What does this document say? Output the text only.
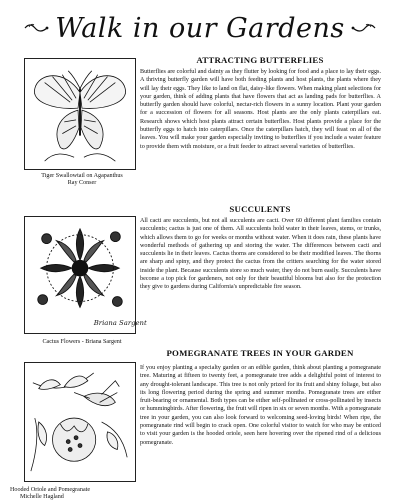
Walk in our Gardens
Tiger Swallowtail on Agapanthus
Ray Conser
ATTRACTING BUTTERFLIES

Butterflies are colorful and dainty as they flutter by looking for food and a place to lay their eggs. A thriving butterfly garden will have both feeding plants and host plants, the plants where they will lay their eggs. They like to land on flat, daisy-like flowers. When making plant selections for your garden, think of adding plants that have flowers that act as landing pads for butterflies. A butterfly garden should have colorful, nectar-rich flowers in a sunny location. Plant your garden for a succession of flowers for all seasons. Host plants are the only plants caterpillars eat. Research shows which host plants attract certain butterflies. Host plants provide a place for the butterfly eggs to hatch into caterpillars. Once the caterpillars hatch, they will feast on all of the leaves. You will make your garden especially inviting to butterflies if you include a water feature to provide them with moisture, or a fruit feeder to attract several varieties of butterflies.

SUCCULENTS
Briana Sargent
Cactus Flowers - Briana Sargent

All cacti are succulents, but not all succulents are cacti. Over 60 different plant families contain succulents; cactus is just one of them. All succulents hold water in their leaves, stems, or trunks, which allows them to go for weeks or months without water. When it does rain, these plants have wonderful methods of gathering up and storing the water. The differences between cacti and succulents lie in their leaves. Cactus thorns are considered to be their modified leaves. The thorns are sharp and spiny, and they protect the cactus from the critters searching for the water stored inside the plant. Because succulents store so much water, they do not burn easily. Succulents have become a top pick for gardeners, not only for their beautiful blooms but also for the protection they give to gardens during California's unpredictable fire season.

POMEGRANATE TREES IN YOUR GARDEN
Hooded Oriole and Pomegranate
Michelle Hagland

If you enjoy planting a specialty garden or an edible garden, think about planting a pomegranate tree. Maturing at fifteen to twenty feet, a pomegranate tree adds a delightful point of interest to any drought-tolerant landscape. This tree is not only prized for its fruit and shiny foliage, but also its long flowering period during the spring and summer months. Pomegranate trees are either fruit-bearing or ornamental. Both types can be either self-pollinated or cross-pollinated by insects or hummingbirds. After flowering, the fruit will ripen in six or seven months. With a pomegranate tree in your garden, you can also look forward to welcoming seed-loving birds! When ripe, the pomegranate rind will begin to crack open. One colorful visitor to watch for who may be enticed to visit your garden is the hooded oriole, seen here hovering over the ripened rind of a delicious pomegranate.
